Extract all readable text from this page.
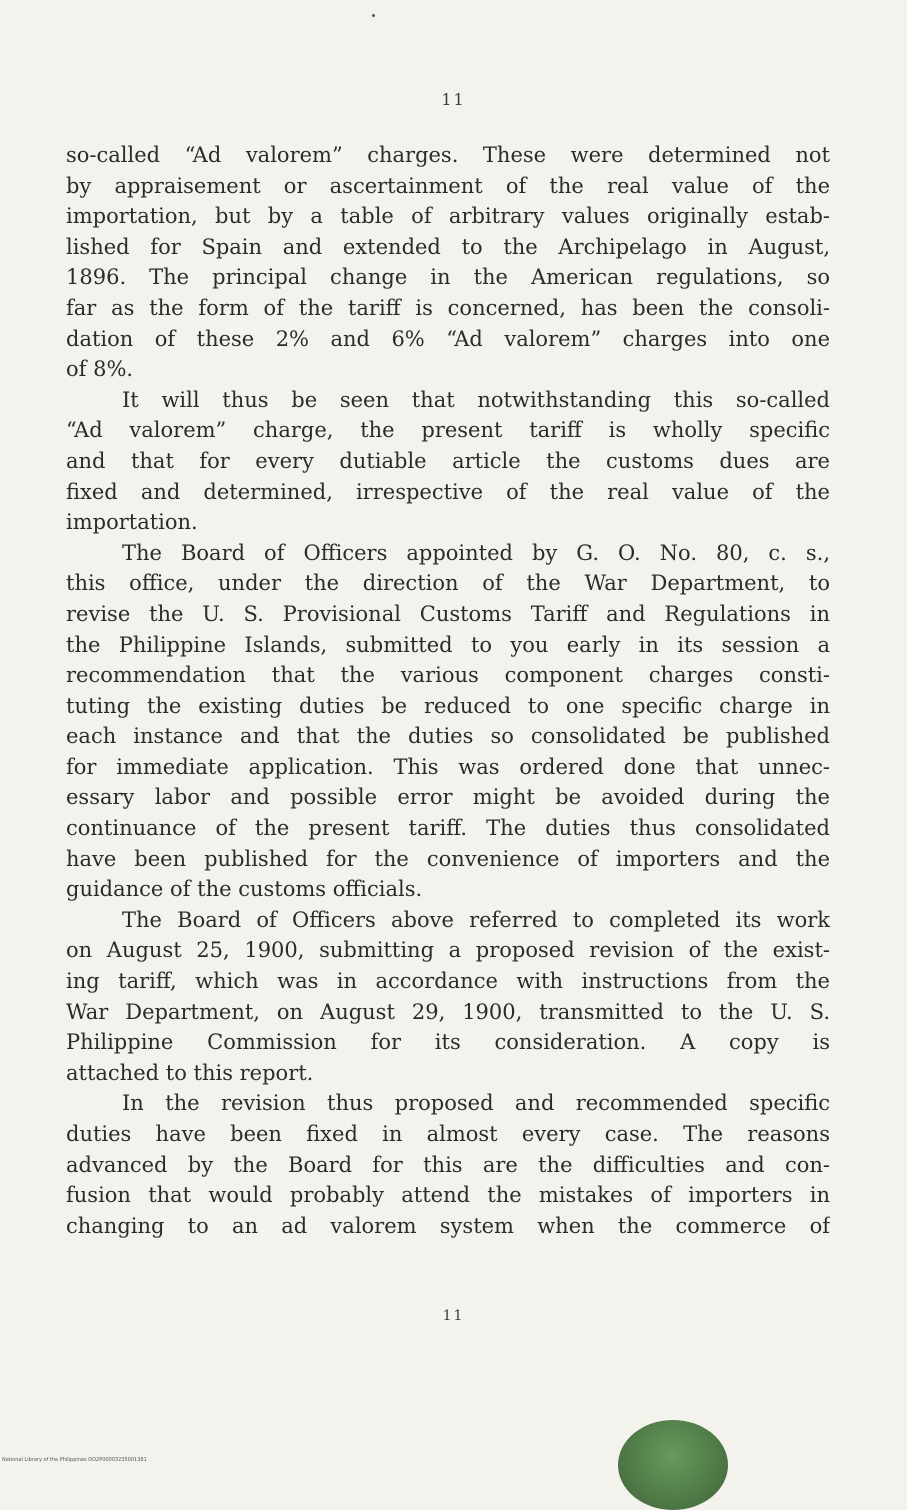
11
so-called “Ad valorem” charges. These were determined not
by appraisement or ascertainment of the real value of the
importation, but by a table of arbitrary values originally estab-
lished for Spain and extended to the Archipelago in August,
1896. The principal change in the American regulations, so
far as the form of the tariff is concerned, has been the consoli-
dation of these 2% and 6% “Ad valorem” charges into one
of 8%.
It will thus be seen that notwithstanding this so-called
“Ad valorem” charge, the present tariff is wholly specific
and that for every dutiable article the customs dues are
fixed and determined, irrespective of the real value of the
importation.
The Board of Officers appointed by G. O. No. 80, c. s.,
this office, under the direction of the War Department, to
revise the U. S. Provisional Customs Tariff and Regulations in
the Philippine Islands, submitted to you early in its session a
recommendation that the various component charges consti-
tuting the existing duties be reduced to one specific charge in
each instance and that the duties so consolidated be published
for immediate application. This was ordered done that unnec-
essary labor and possible error might be avoided during the
continuance of the present tariff. The duties thus consolidated
have been published for the convenience of importers and the
guidance of the customs officials.
The Board of Officers above referred to completed its work
on August 25, 1900, submitting a proposed revision of the exist-
ing tariff, which was in accordance with instructions from the
War Department, on August 29, 1900, transmitted to the U. S.
Philippine Commission for its consideration. A copy is
attached to this report.
In the revision thus proposed and recommended specific
duties have been fixed in almost every case. The reasons
advanced by the Board for this are the difficulties and con-
fusion that would probably attend the mistakes of importers in
changing to an ad valorem system when the commerce of
11
National Library of the Philippines DO2P00003235001381
